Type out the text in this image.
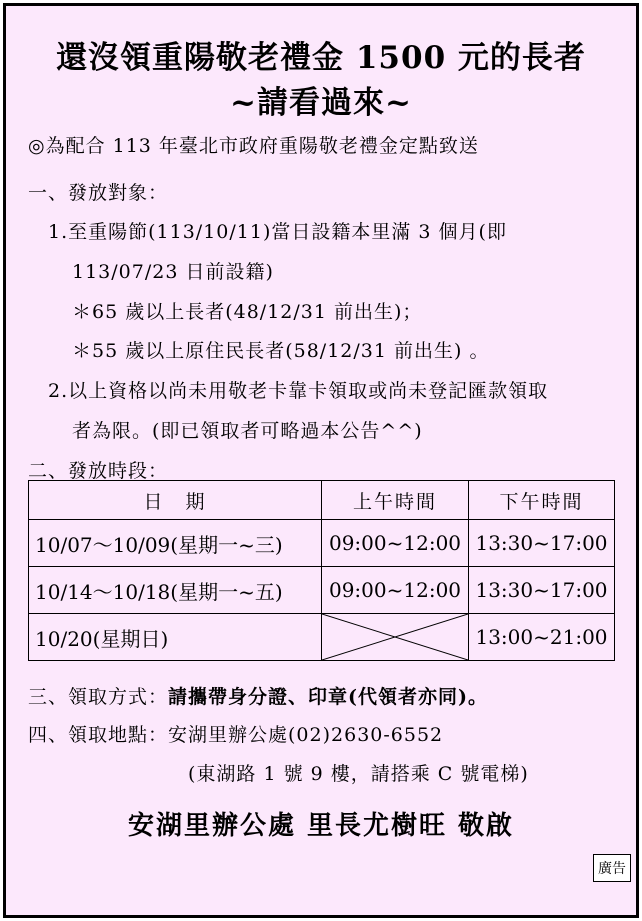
還沒領重陽敬老禮金 1500 元的長者
~請看過來~
◎為配合 113 年臺北市政府重陽敬老禮金定點致送
一、發放對象：
1.至重陽節(113/10/11)當日設籍本里滿 3 個月(即
113/07/23 日前設籍)
＊65 歲以上長者(48/12/31 前出生)；
＊55 歲以上原住民長者(58/12/31 前出生) 。
2.以上資格以尚未用敬老卡靠卡領取或尚未登記匯款領取
者為限。(即已領取者可略過本公告^^)
二、發放時段：
日　期	上午時間	下午時間
10/07～10/09(星期一~三)	09:00~12:00	13:30~17:00
10/14～10/18(星期一~五)	09:00~12:00	13:30~17:00
10/20(星期日)		13:00~21:00
三、領取方式：請攜帶身分證、印章(代領者亦同)。
四、領取地點：安湖里辦公處(02)2630-6552
(東湖路 1 號 9 樓，請搭乘 C 號電梯)
安湖里辦公處 里長尤樹旺 敬啟
廣告
